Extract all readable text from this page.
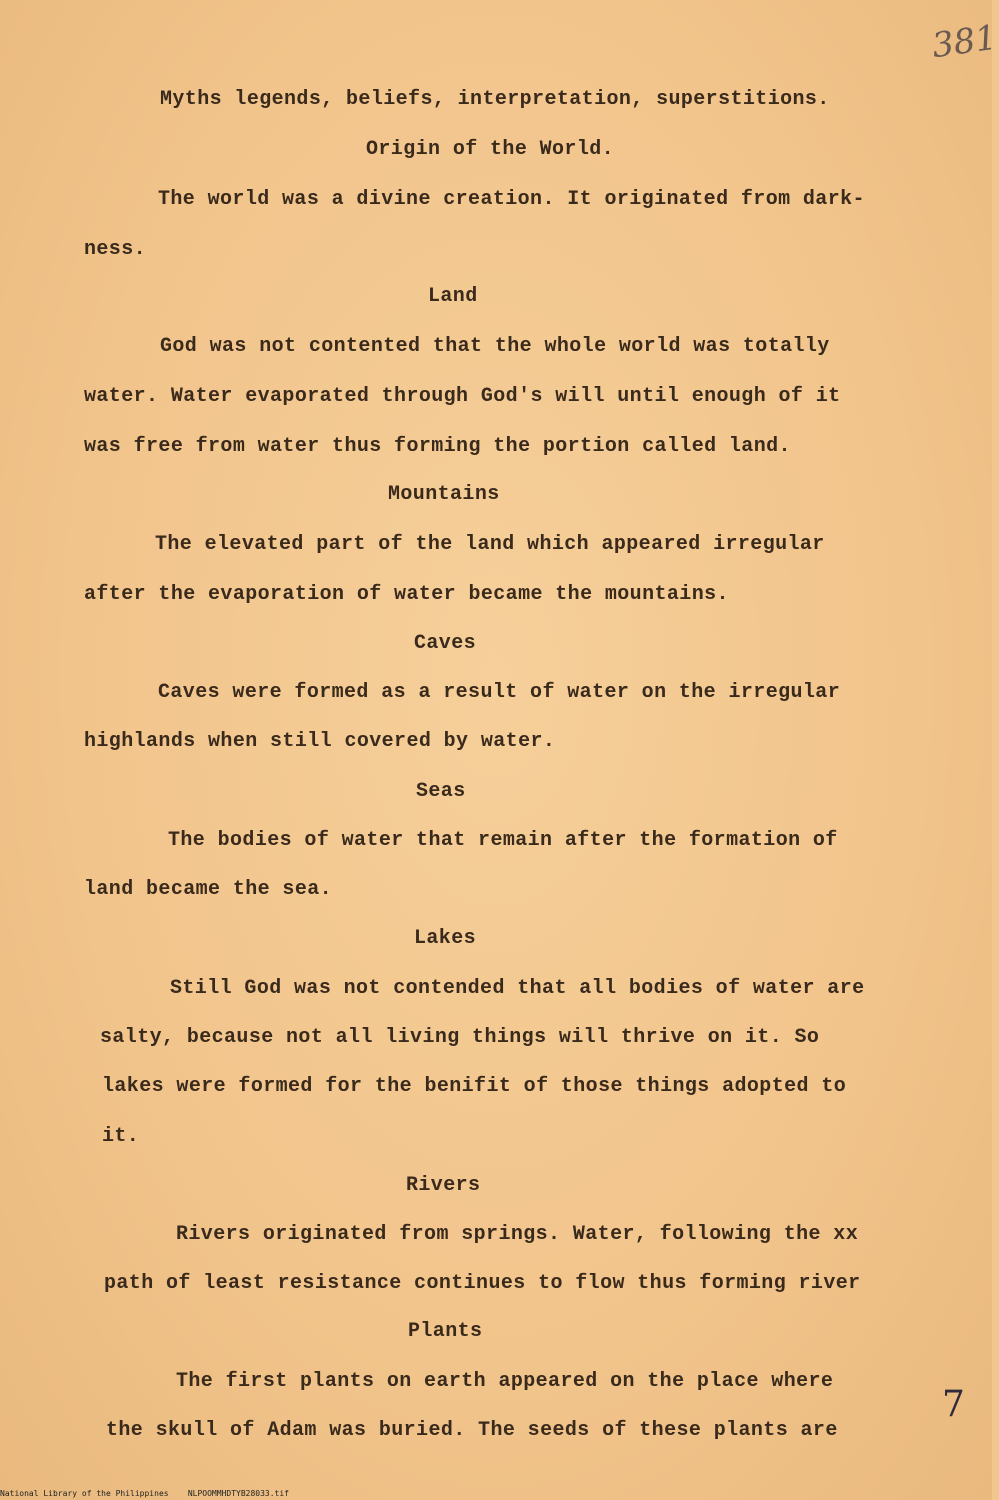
381
Myths legends, beliefs, interpretation, superstitions.
Origin of the World.
The world was a divine creation. It originated from dark-
ness.
Land
God was not contented that the whole world was totally
water. Water evaporated through God's will until enough of it
was free from water thus forming the portion called land.
Mountains
The elevated part of the land which appeared irregular
after the evaporation of water became the mountains.
Caves
Caves were formed as a result of water on the irregular
highlands when still covered by water.
Seas
The bodies of water that remain after the formation of
land became the sea.
Lakes
Still God was not contended that all bodies of water are
salty, because not all living things will thrive on it. So
lakes were formed for the benifit of those things adopted to
it.
Rivers
Rivers originated from springs. Water, following the xx
path of least resistance continues to flow thus forming river
Plants
The first plants on earth appeared on the place where
the skull of Adam was buried. The seeds of these plants are
7
National Library of the Philippines NLPOOMMHDTYB28033.tif
